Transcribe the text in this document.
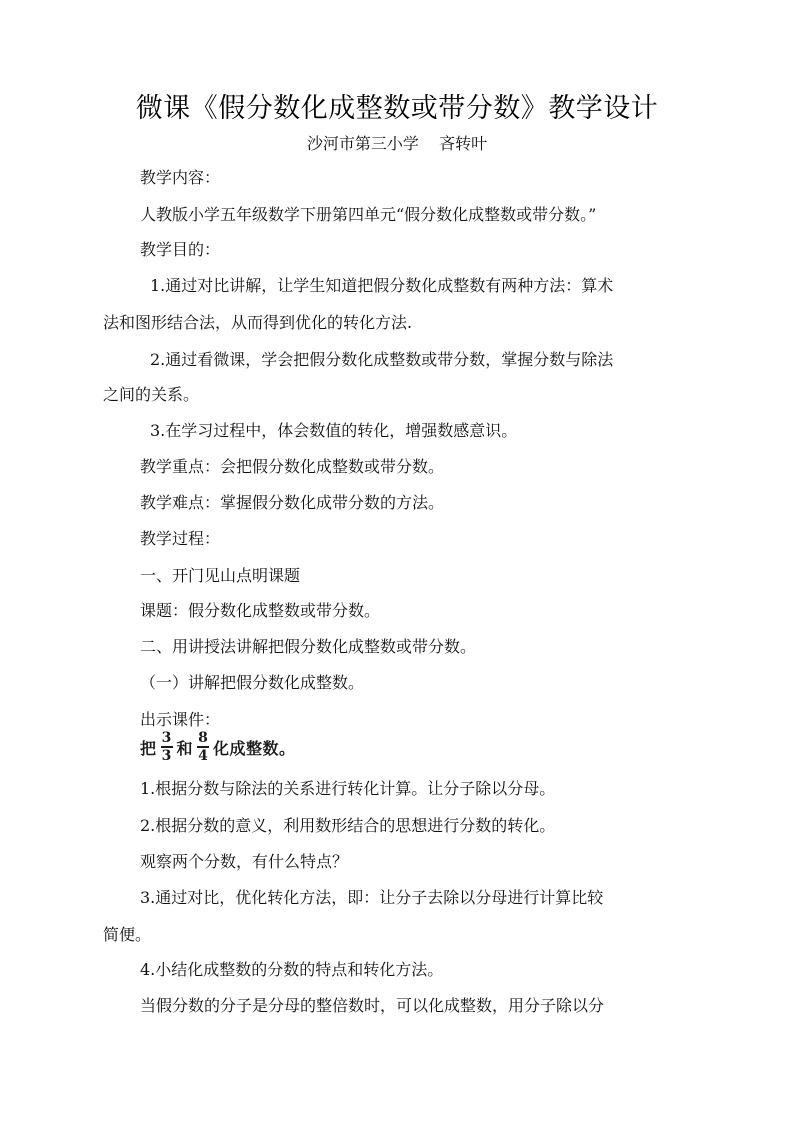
微课《假分数化成整数或带分数》教学设计
沙河市第三小学    吝转叶
教学内容：
人教版小学五年级数学下册第四单元“假分数化成整数或带分数。”
教学目的：
1.通过对比讲解，让学生知道把假分数化成整数有两种方法：算术
法和图形结合法，从而得到优化的转化方法.
2.通过看微课，学会把假分数化成整数或带分数，掌握分数与除法
之间的关系。
3.在学习过程中，体会数值的转化，增强数感意识。
教学重点：会把假分数化成整数或带分数。
教学难点：掌握假分数化成带分数的方法。
教学过程：
一、开门见山点明课题
课题：假分数化成整数或带分数。
二、用讲授法讲解把假分数化成整数或带分数。
（一）讲解把假分数化成整数。
出示课件：
把 $\frac{3}{3}$ 和 $\frac{8}{4}$ 化成整数。
1.根据分数与除法的关系进行转化计算。让分子除以分母。
2.根据分数的意义，利用数形结合的思想进行分数的转化。
观察两个分数，有什么特点？
3.通过对比，优化转化方法，即：让分子去除以分母进行计算比较
简便。
4.小结化成整数的分数的特点和转化方法。
当假分数的分子是分母的整倍数时，可以化成整数，用分子除以分
